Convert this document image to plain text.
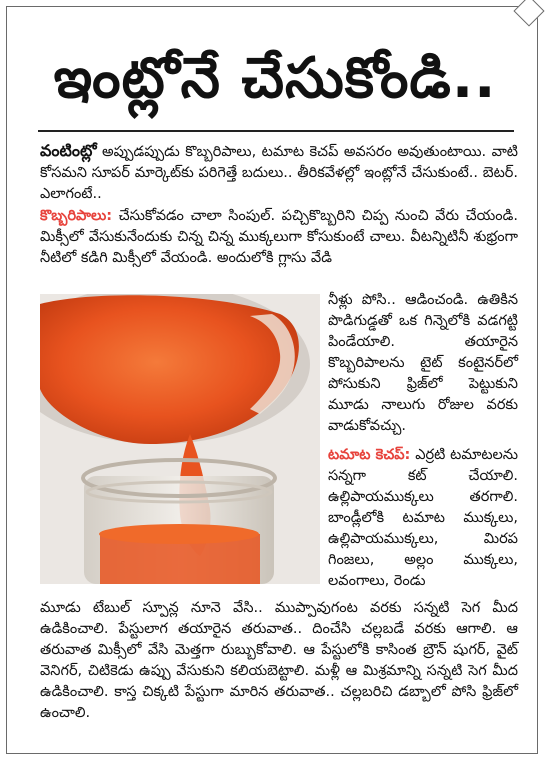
ఇంట్లోనే చేసుకోండి..
వంటింట్లో అప్పుడప్పుడు కొబ్బరిపాలు, టమాట కెచప్ అవసరం అవుతుంటాయి. వాటి కోసమని సూపర్ మార్కెట్‌కు పరిగెత్తే బదులు.. తీరికవేళల్లో ఇంట్లోనే చేసుకుంటే.. బెటర్. ఎలాగంటే..
కొబ్బరిపాలు: చేసుకోవడం చాలా సింపుల్. పచ్చికొబ్బరిని చిప్ప నుంచి వేరు చేయండి. మిక్సీలో వేసుకునేందుకు చిన్న చిన్న ముక్కలుగా కోసుకుంటే చాలు. వీటన్నిటినీ శుభ్రంగా నీటిలో కడిగి మిక్సీలో వేయండి. అందులోకి గ్లాసు వేడి
నీళ్లు పోసి.. ఆడించండి. ఉతికిన పొడిగుడ్డతో ఒక గిన్నెలోకి వడగట్టి పిండేయాలి. తయారైన కొబ్బరిపాలను టైట్ కంటైనర్‌లో పోసుకుని ఫ్రిజ్‌లో పెట్టుకుని మూడు నాలుగు రోజుల వరకు వాడుకోవచ్చు.
టమాట కెచప్: ఎర్రటి టమాటలను సన్నగా కట్ చేయాలి. ఉల్లిపాయముక్కలు తరగాలి. బాండ్లీలోకి టమాట ముక్కలు, ఉల్లిపాయముక్కలు, మిరప గింజలు, అల్లం ముక్కలు, లవంగాలు, రెండు
మూడు టేబుల్ స్పూన్ల నూనె వేసి.. ముప్పావుగంట వరకు సన్నటి సెగ మీద ఉడికించాలి. పేస్టులాగ తయారైన తరువాత.. దించేసి చల్లబడే వరకు ఆగాలి. ఆ తరువాత మిక్సీలో వేసి మెత్తగా రుబ్బుకోవాలి. ఆ పేస్టులోకి కాసింత బ్రౌన్ షుగర్, వైట్ వెనిగర్, చిటికెడు ఉప్పు వేసుకుని కలియబెట్టాలి. మళ్లీ ఆ మిశ్రమాన్ని సన్నటి సెగ మీద ఉడికించాలి. కాస్త చిక్కటి పేస్టుగా మారిన తరువాత.. చల్లబరిచి డబ్బాలో పోసి ఫ్రిజ్‌లో ఉంచాలి.
